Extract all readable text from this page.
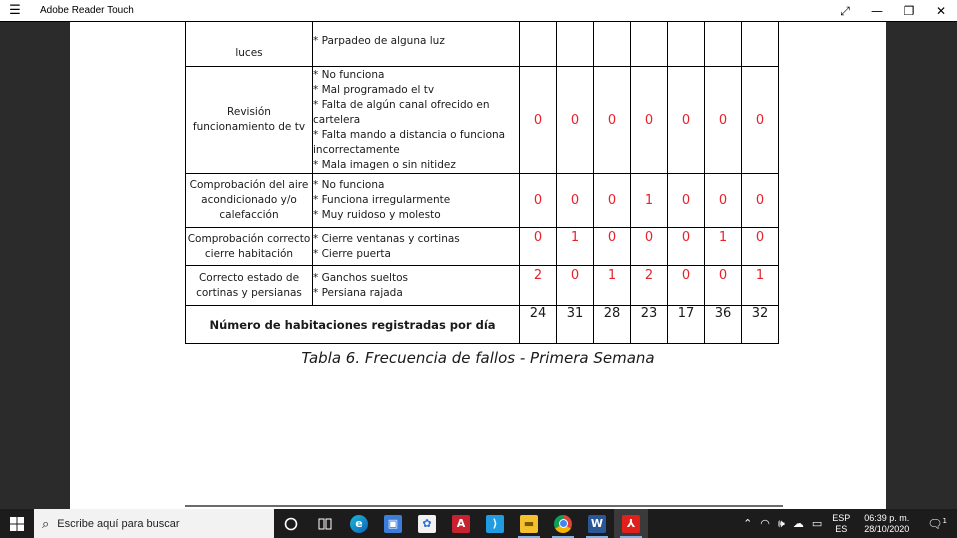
☰	Adobe Reader Touch	⤢	—	❐	✕
luces	* Parpadeo de alguna luz							

Revisión funcionamiento de tv	* No funciona
* Mal programado el tv
* Falta de algún canal ofrecido en cartelera
* Falta mando a distancia o funciona incorrectamente
* Mala imagen o sin nitidez	0	0	0	0	0	0	0
Comprobación del aire acondicionado y/o calefacción	* No funciona
* Funciona irregularmente
* Muy ruidoso y molesto	0	0	0	1	0	0	0
Comprobación correcto cierre habitación	* Cierre ventanas y cortinas
* Cierre puerta	0	1	0	0	0	1	0
Correcto estado de cortinas y persianas	* Ganchos sueltos
* Persiana rajada	2	0	1	2	0	0	1
Número de habitaciones registradas por día		24	31	28	23	17	36	32
Tabla 6. Frecuencia de fallos - Primera Semana
⌕ Escribe aquí para buscar	e	▣	✿	A	⟩	▬	W	⅄	⌃ ◠ 🕪 ☁ ▭	ESP
ES
06:39 p. m.
28/10/2020	🗨$^1$
